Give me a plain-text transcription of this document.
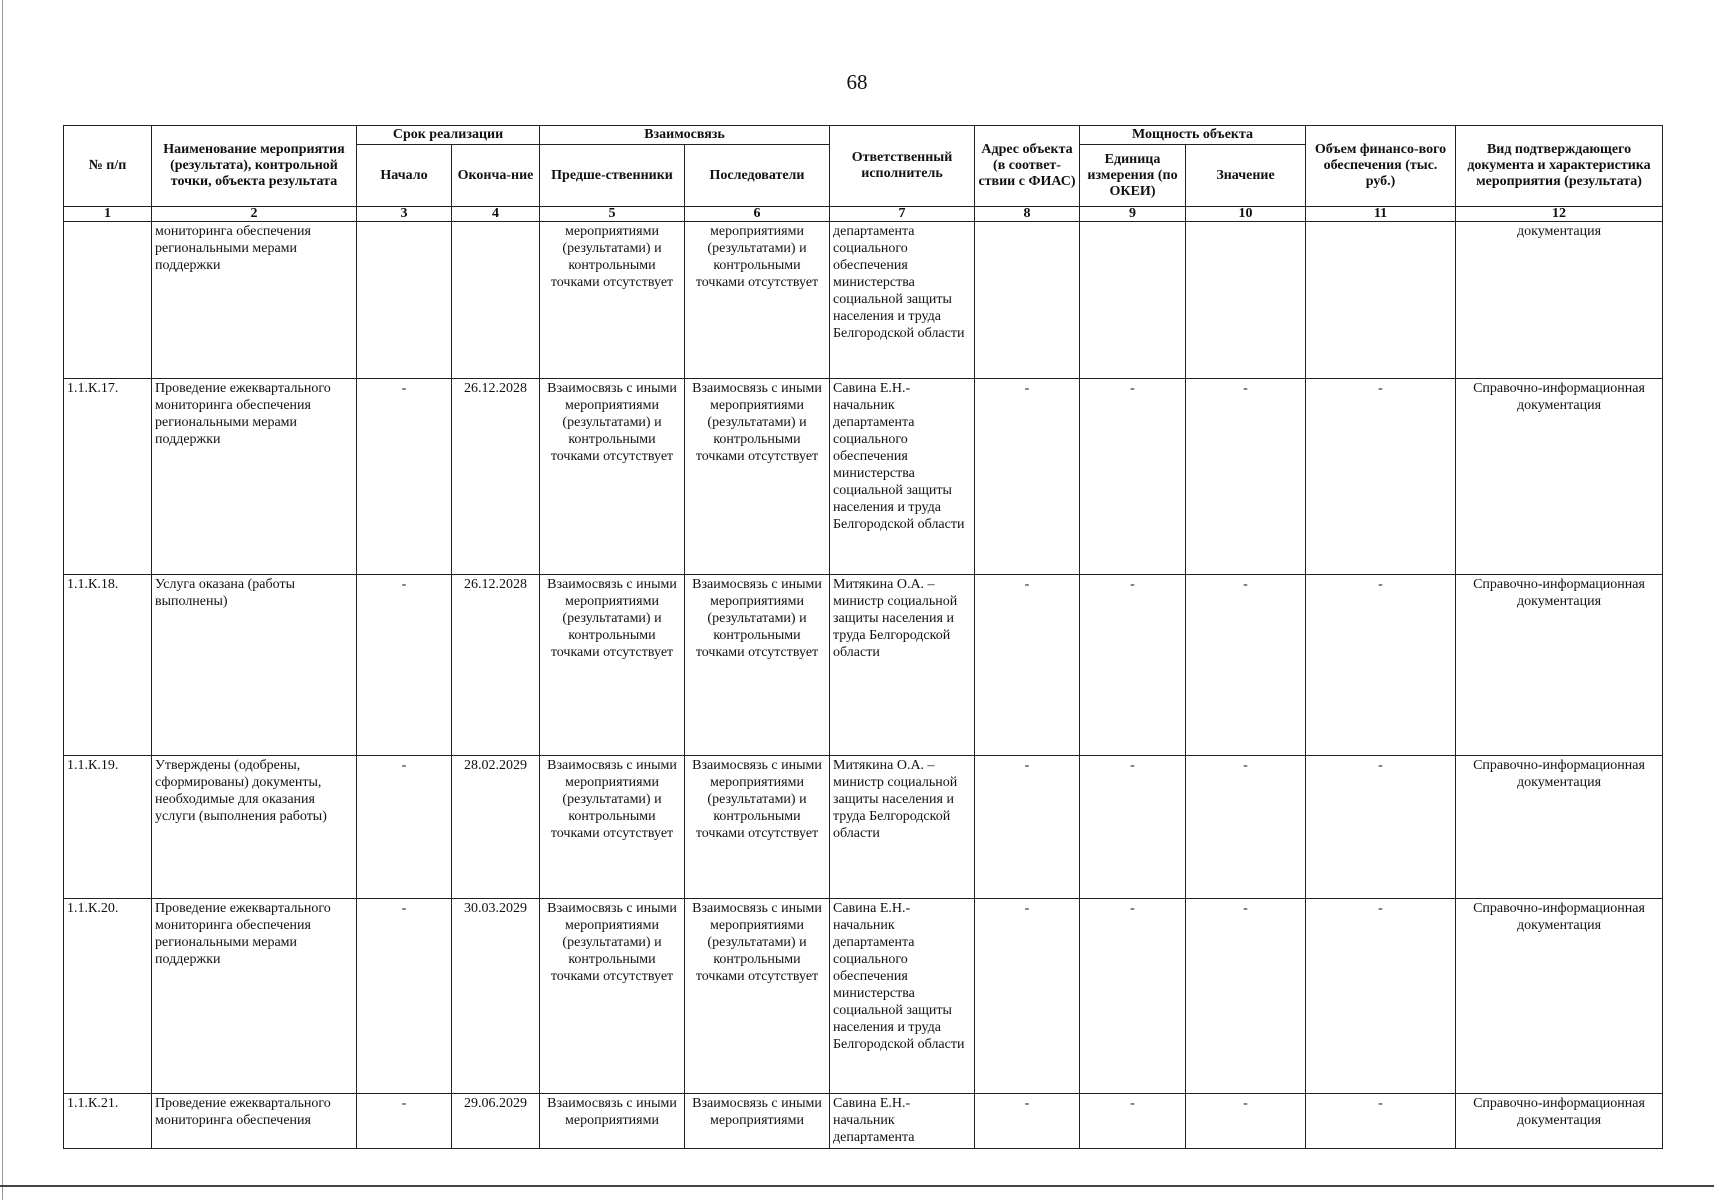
68
№ п/п	Наименование мероприятия (результата), контрольной точки, объекта результата	Срок реализации		Взаимосвязь		Ответственный исполнитель	Адрес объекта (в соответ-ствии с ФИАС)	Мощность объекта		Объем финансо-вого обеспечения (тыс. руб.)	Вид подтверждающего документа и характеристика мероприятия (результата)
		Начало	Оконча-ние	Предше-ственники	Последователи			Единица измерения (по ОКЕИ)	Значение		
1	2	3	4	5	6	7	8	9	10	11	12
	мониторинга обеспечения региональными мерами поддержки			мероприятиями (результатами) и контрольными точками отсутствует	мероприятиями (результатами) и контрольными точками отсутствует	департамента социального обеспечения министерства социальной защиты населения и труда Белгородской области					документация
1.1.К.17.	Проведение ежеквартального мониторинга обеспечения региональными мерами поддержки	-	26.12.2028	Взаимосвязь с иными мероприятиями (результатами) и контрольными точками отсутствует	Взаимосвязь с иными мероприятиями (результатами) и контрольными точками отсутствует	Савина Е.Н.- начальник департамента социального обеспечения министерства социальной защиты населения и труда Белгородской области	-	-	-	-	Справочно-информационная документация
1.1.К.18.	Услуга оказана (работы выполнены)	-	26.12.2028	Взаимосвязь с иными мероприятиями (результатами) и контрольными точками отсутствует	Взаимосвязь с иными мероприятиями (результатами) и контрольными точками отсутствует	Митякина О.А. – министр социальной защиты населения и труда Белгородской области	-	-	-	-	Справочно-информационная документация
1.1.К.19.	Утверждены (одобрены, сформированы) документы, необходимые для оказания услуги (выполнения работы)	-	28.02.2029	Взаимосвязь с иными мероприятиями (результатами) и контрольными точками отсутствует	Взаимосвязь с иными мероприятиями (результатами) и контрольными точками отсутствует	Митякина О.А. – министр социальной защиты населения и труда Белгородской области	-	-	-	-	Справочно-информационная документация
1.1.К.20.	Проведение ежеквартального мониторинга обеспечения региональными мерами поддержки	-	30.03.2029	Взаимосвязь с иными мероприятиями (результатами) и контрольными точками отсутствует	Взаимосвязь с иными мероприятиями (результатами) и контрольными точками отсутствует	Савина Е.Н.- начальник департамента социального обеспечения министерства социальной защиты населения и труда Белгородской области	-	-	-	-	Справочно-информационная документация
1.1.К.21.	Проведение ежеквартального мониторинга обеспечения	-	29.06.2029	Взаимосвязь с иными мероприятиями	Взаимосвязь с иными мероприятиями	Савина Е.Н.- начальник департамента	-	-	-	-	Справочно-информационная документация
